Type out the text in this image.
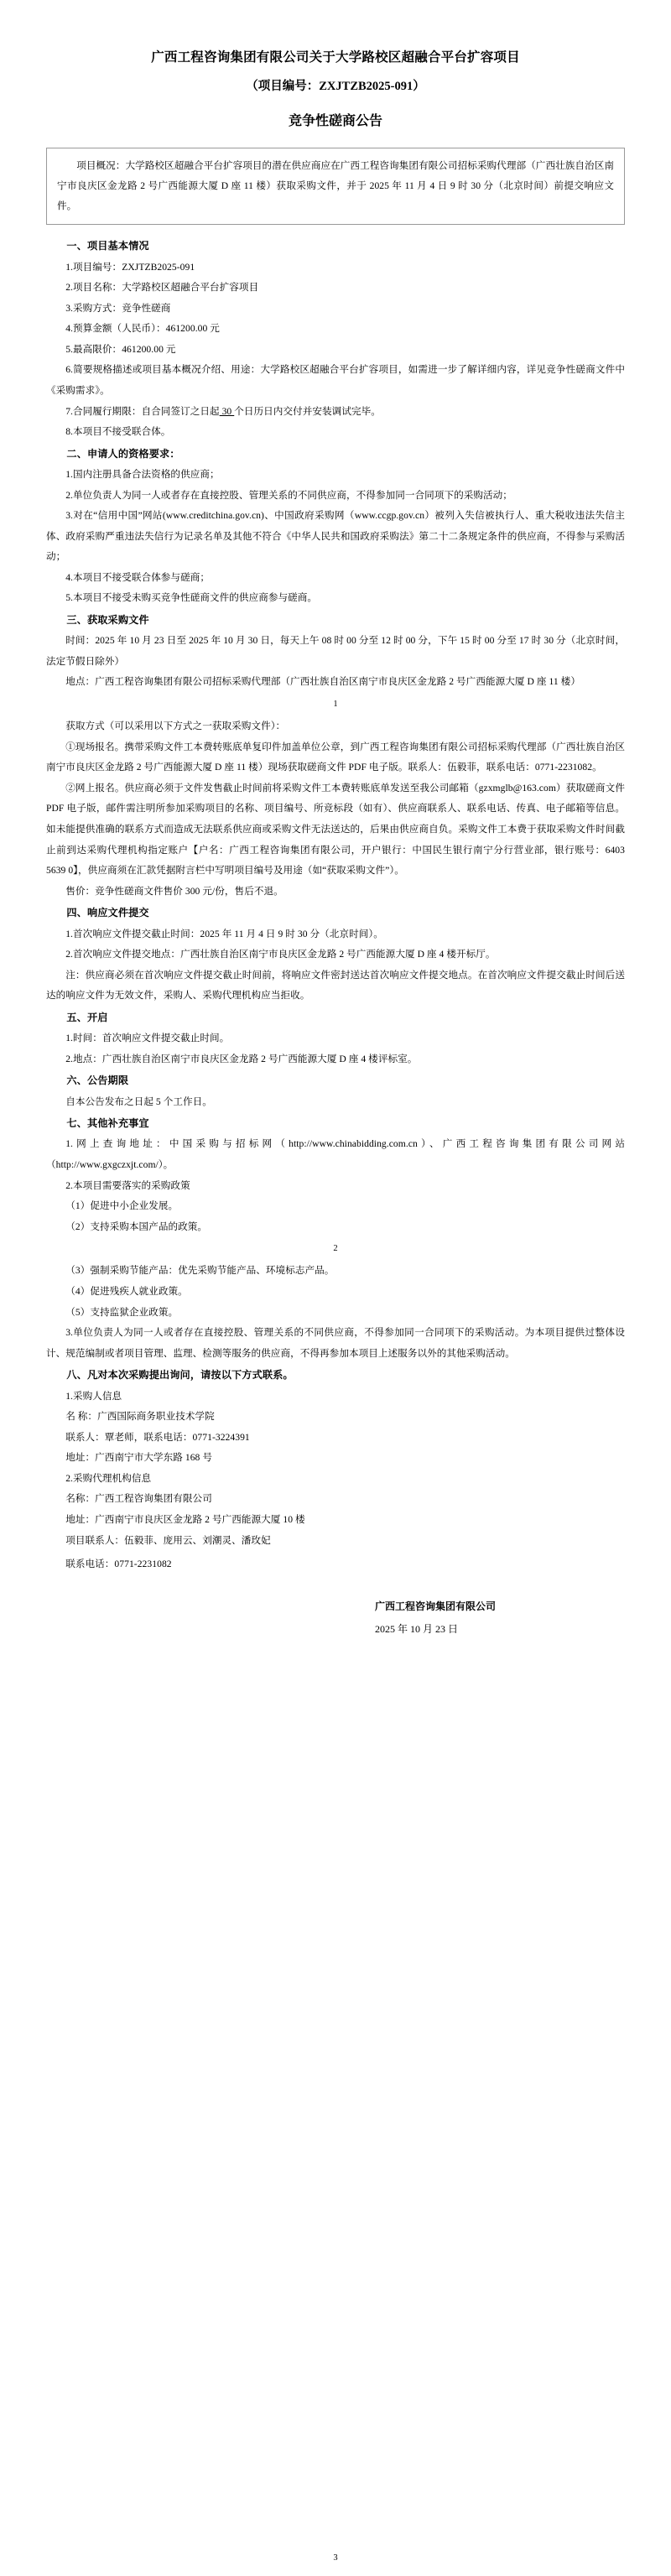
广西工程咨询集团有限公司关于大学路校区超融合平台扩容项目
（项目编号：ZXJTZB2025-091）
竞争性磋商公告

项目概况：大学路校区超融合平台扩容项目的潜在供应商应在广西工程咨询集团有限公司招标采购代理部（广西壮族自治区南宁市良庆区金龙路 2 号广西能源大厦 D 座 11 楼）获取采购文件，并于 2025 年 11 月 4 日 9 时 30 分（北京时间）前提交响应文件。

一、项目基本情况

1.项目编号：ZXJTZB2025-091

2.项目名称：大学路校区超融合平台扩容项目

3.采购方式：竞争性磋商

4.预算金额（人民币）：461200.00 元

5.最高限价：461200.00 元

6.简要规格描述或项目基本概况介绍、用途：大学路校区超融合平台扩容项目，如需进一步了解详细内容，详见竞争性磋商文件中《采购需求》。

7.合同履行期限：自合同签订之日起 30 个日历日内交付并安装调试完毕。

8.本项目不接受联合体。

二、申请人的资格要求：

1.国内注册具备合法资格的供应商；

2.单位负责人为同一人或者存在直接控股、管理关系的不同供应商，不得参加同一合同项下的采购活动；

3.对在“信用中国”网站(www.creditchina.gov.cn)、中国政府采购网（www.ccgp.gov.cn）被列入失信被执行人、重大税收违法失信主体、政府采购严重违法失信行为记录名单及其他不符合《中华人民共和国政府采购法》第二十二条规定条件的供应商，不得参与采购活动；

4.本项目不接受联合体参与磋商；

5.本项目不接受未购买竞争性磋商文件的供应商参与磋商。

三、获取采购文件

时间：2025 年 10 月 23 日至 2025 年 10 月 30 日，每天上午 08 时 00 分至 12 时 00 分，下午 15 时 00 分至 17 时 30 分（北京时间，法定节假日除外）

地点：广西工程咨询集团有限公司招标采购代理部（广西壮族自治区南宁市良庆区金龙路 2 号广西能源大厦 D 座 11 楼）

1

获取方式（可以采用以下方式之一获取采购文件）：

①现场报名。携带采购文件工本费转账底单复印件加盖单位公章，到广西工程咨询集团有限公司招标采购代理部（广西壮族自治区南宁市良庆区金龙路 2 号广西能源大厦 D 座 11 楼）现场获取磋商文件 PDF 电子版。联系人：伍毅菲，联系电话：0771-2231082。

②网上报名。供应商必须于文件发售截止时间前将采购文件工本费转账底单发送至我公司邮箱（gzxmglb@163.com）获取磋商文件 PDF 电子版，邮件需注明所参加采购项目的名称、项目编号、所竞标段（如有）、供应商联系人、联系电话、传真、电子邮箱等信息。如未能提供准确的联系方式而造成无法联系供应商或采购文件无法送达的，后果由供应商自负。采购文件工本费于获取采购文件时间截止前到达采购代理机构指定账户【户名：广西工程咨询集团有限公司，开户银行：中国民生银行南宁分行营业部，银行账号：6403 5639 0】，供应商须在汇款凭据附言栏中写明项目编号及用途（如“获取采购文件”）。

售价：竞争性磋商文件售价 300 元/份，售后不退。

四、响应文件提交

1.首次响应文件提交截止时间：2025 年 11 月 4 日 9 时 30 分（北京时间）。

2.首次响应文件提交地点：广西壮族自治区南宁市良庆区金龙路 2 号广西能源大厦 D 座 4 楼开标厅。

注：供应商必须在首次响应文件提交截止时间前，将响应文件密封送达首次响应文件提交地点。在首次响应文件提交截止时间后送达的响应文件为无效文件，采购人、采购代理机构应当拒收。

五、开启

1.时间：首次响应文件提交截止时间。

2.地点：广西壮族自治区南宁市良庆区金龙路 2 号广西能源大厦 D 座 4 楼评标室。

六、公告期限

自本公告发布之日起 5 个工作日。

七、其他补充事宜

1.网上查询地址：中国采购与招标网（http://www.chinabidding.com.cn）、广西工程咨询集团有限公司网站（http://www.gxgczxjt.com/）。

2.本项目需要落实的采购政策

（1）促进中小企业发展。

（2）支持采购本国产品的政策。

2

（3）强制采购节能产品：优先采购节能产品、环境标志产品。

（4）促进残疾人就业政策。

（5）支持监狱企业政策。

3.单位负责人为同一人或者存在直接控股、管理关系的不同供应商，不得参加同一合同项下的采购活动。为本项目提供过整体设计、规范编制或者项目管理、监理、检测等服务的供应商，不得再参加本项目上述服务以外的其他采购活动。

八、凡对本次采购提出询问，请按以下方式联系。

1.采购人信息

名 称：广西国际商务职业技术学院

联系人：覃老师，联系电话：0771-3224391

地址：广西南宁市大学东路 168 号

2.采购代理机构信息

名称：广西工程咨询集团有限公司

地址：广西南宁市良庆区金龙路 2 号广西能源大厦 10 楼

项目联系人：伍毅菲、庞用云、刘潮灵、潘玫妃

联系电话：0771-2231082

广西工程咨询集团有限公司
2025 年 10 月 23 日
3
